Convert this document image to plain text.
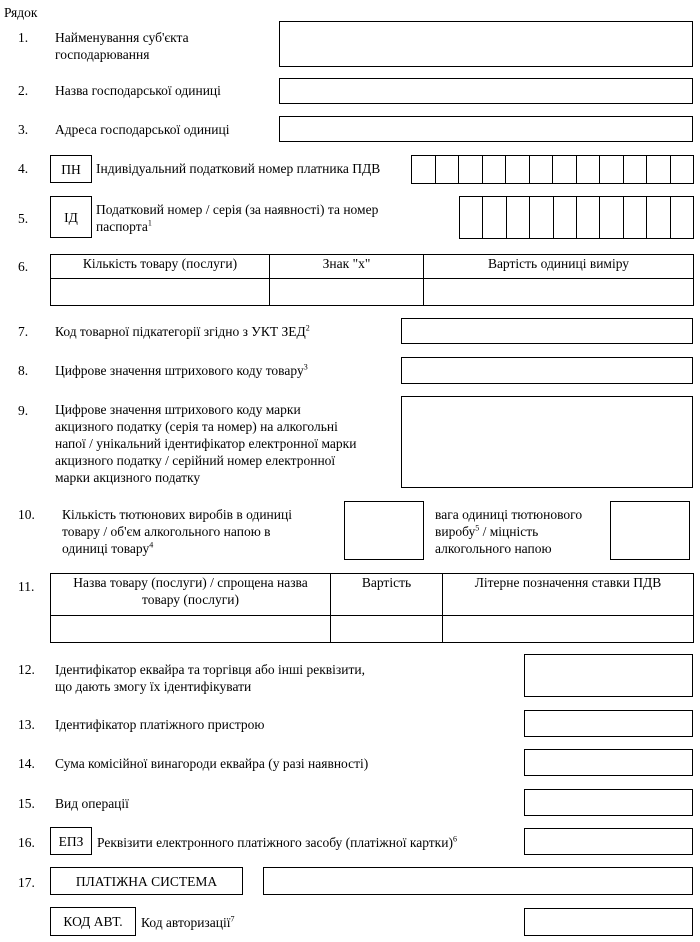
Рядок
1.	Найменування суб'єкта
господарювання
2.	Назва господарської одиниці
3.	Адреса господарської одиниці
4.	ПН	Індивідуальний податковий номер платника ПДВ
5.	ІД	Податковий номер / серія (за наявності) та номер
паспорта$^1$
6.	Кількість товару (послуги)	Знак "х"	Вартість одиниці виміру

7.	Код товарної підкатегорії згідно з УКТ ЗЕД$^2$
8.	Цифрове значення штрихового коду товару$^3$
9.	Цифрове значення штрихового коду марки
акцизного податку (серія та номер) на алкогольні
напої / унікальний ідентифікатор електронної марки
акцизного податку / серійний номер електронної
марки акцизного податку
10.	Кількість тютюнових виробів в одиниці
товару / об'єм алкогольного напою в
одиниці товару$^4$
вага одиниці тютюнового
виробу$^5$ / міцність
алкогольного напою
11.	Назва товару (послуги) / спрощена назва
товару (послуги)	Вартість	Літерне позначення ставки ПДВ

12.	Ідентифікатор еквайра та торгівця або інші реквізити,
що дають змогу їх ідентифікувати
13.	Ідентифікатор платіжного пристрою
14.	Сума комісійної винагороди еквайра (у разі наявності)
15.	Вид операції
16.	ЕПЗ	Реквізити електронного платіжного засобу (платіжної картки)$^6$
17.	ПЛАТІЖНА СИСТЕМА
КОД АВТ.	Код авторизації$^7$
